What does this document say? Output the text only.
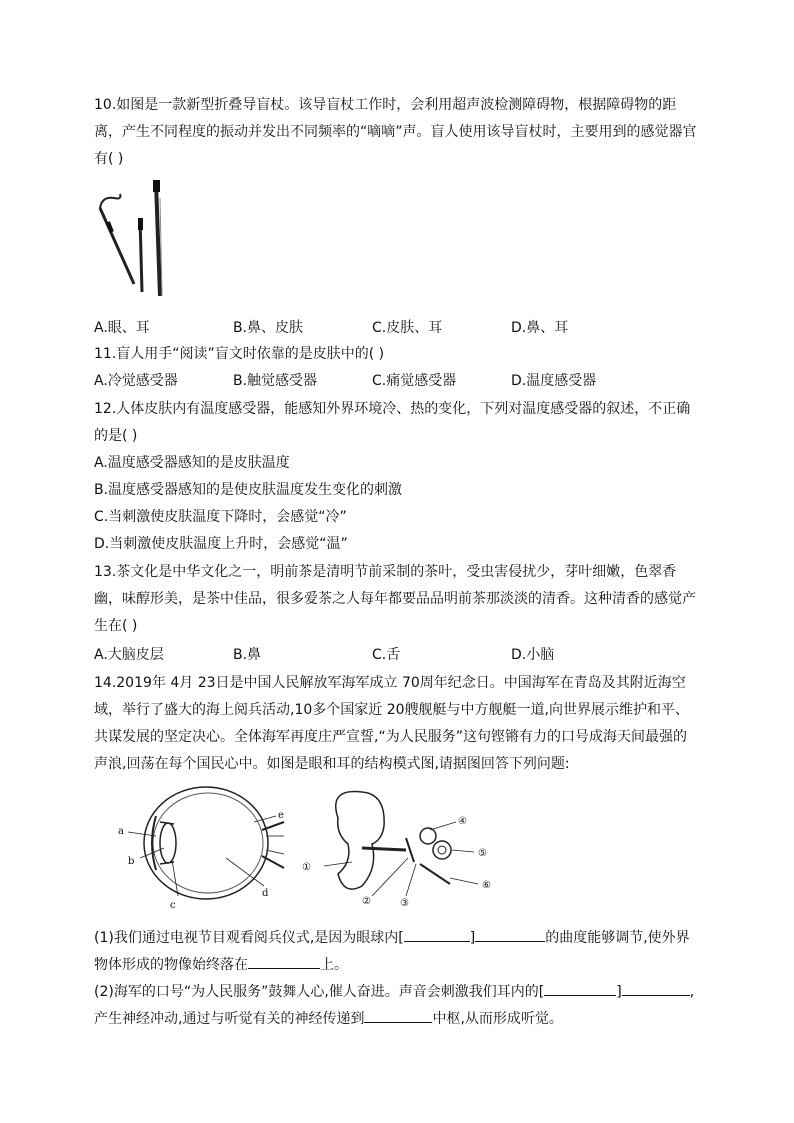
10.如图是一款新型折叠导盲杖。该导盲杖工作时，会利用超声波检测障碍物，根据障碍物的距离，产生不同程度的振动并发出不同频率的“嘀嘀”声。盲人使用该导盲杖时，主要用到的感觉器官有( )
A.眼、耳	B.鼻、皮肤	C.皮肤、耳	D.鼻、耳
11.盲人用手“阅读”盲文时依靠的是皮肤中的( )
A.冷觉感受器	B.触觉感受器	C.痛觉感受器	D.温度感受器
12.人体皮肤内有温度感受器，能感知外界环境冷、热的变化，下列对温度感受器的叙述，不正确的是( )
A.温度感受器感知的是皮肤温度
B.温度感受器感知的是使皮肤温度发生变化的刺激
C.当刺激使皮肤温度下降时，会感觉“冷”
D.当刺激使皮肤温度上升时，会感觉“温”
13.茶文化是中华文化之一，明前茶是清明节前采制的茶叶，受虫害侵扰少，芽叶细嫩，色翠香幽，味醇形美，是茶中佳品，很多爱茶之人每年都要品品明前茶那淡淡的清香。这种清香的感觉产生在( )
A.大脑皮层	B.鼻	C.舌	D.小脑
14.2019年 4月 23日是中国人民解放军海军成立 70周年纪念日。中国海军在青岛及其附近海空域，举行了盛大的海上阅兵活动,10多个国家近 20艘舰艇与中方舰艇一道,向世界展示维护和平、共谋发展的坚定决心。全体海军再度庄严宣誓,“为人民服务”这句铿锵有力的口号成海天间最强的声浪,回荡在每个国民心中。如图是眼和耳的结构模式图,请据图回答下列问题:
a
b
c
d
e
①
②	③
④
⑤
⑥
(1)我们通过电视节目观看阅兵仪式,是因为眼球内[	]	的曲度能够调节,使外界
物体形成的物像始终落在	上。
(2)海军的口号“为人民服务”鼓舞人心,催人奋进。声音会刺激我们耳内的[	]	,
产生神经冲动,通过与听觉有关的神经传递到	中枢,从而形成听觉。
